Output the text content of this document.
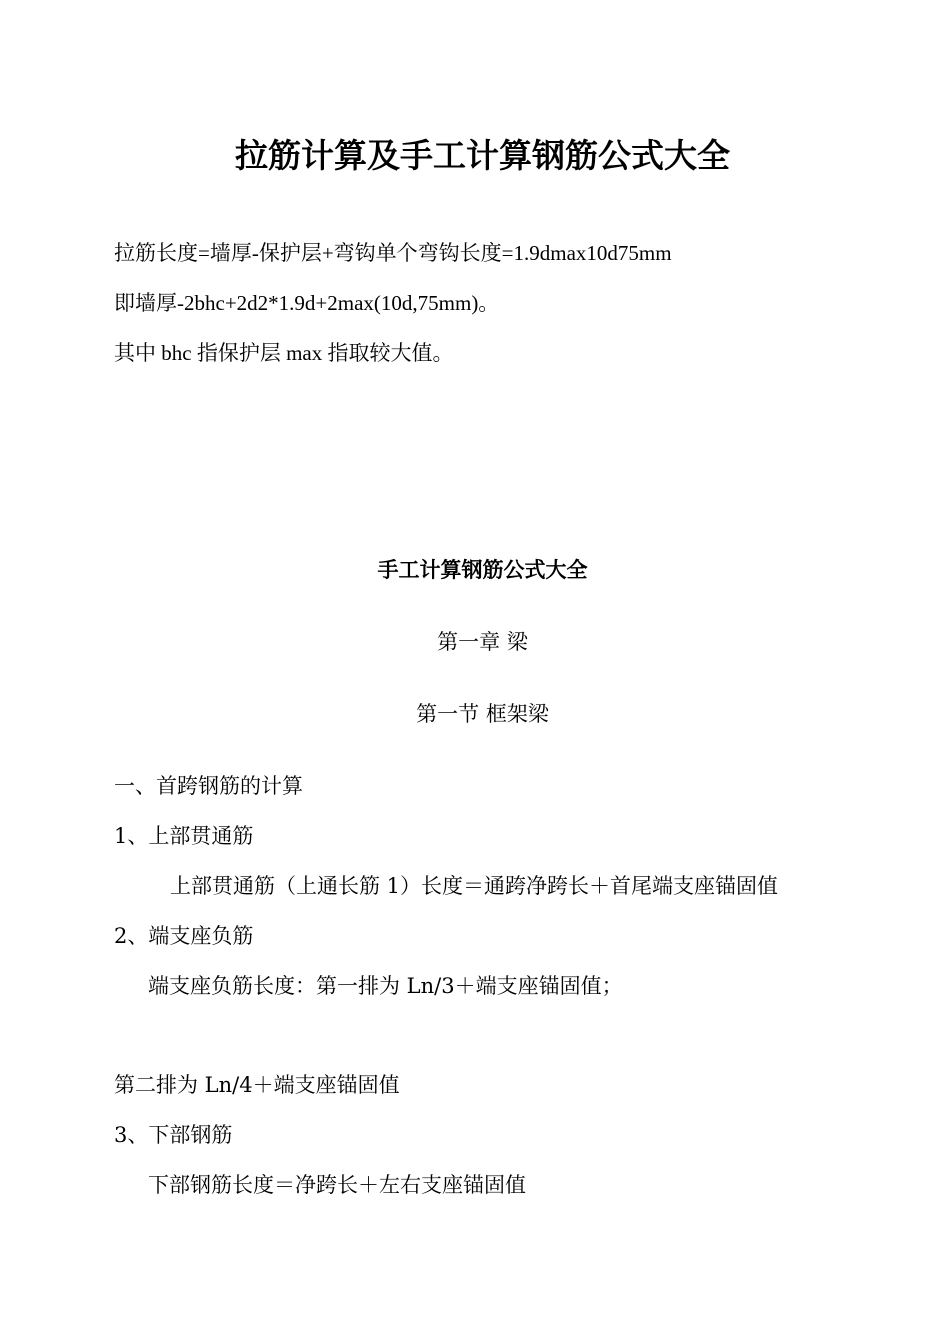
拉筋计算及手工计算钢筋公式大全
拉筋长度=墙厚-保护层+弯钩单个弯钩长度=1.9dmax10d75mm
即墙厚-2bhc+2d2*1.9d+2max(10d,75mm)。
其中 bhc 指保护层 max 指取较大值。
手工计算钢筋公式大全
第一章 梁
第一节 框架梁
一、首跨钢筋的计算
1、上部贯通筋
上部贯通筋（上通长筋 1）长度＝通跨净跨长＋首尾端支座锚固值
2、端支座负筋
端支座负筋长度：第一排为 Ln/3＋端支座锚固值；
第二排为 Ln/4＋端支座锚固值
3、下部钢筋
下部钢筋长度＝净跨长＋左右支座锚固值
